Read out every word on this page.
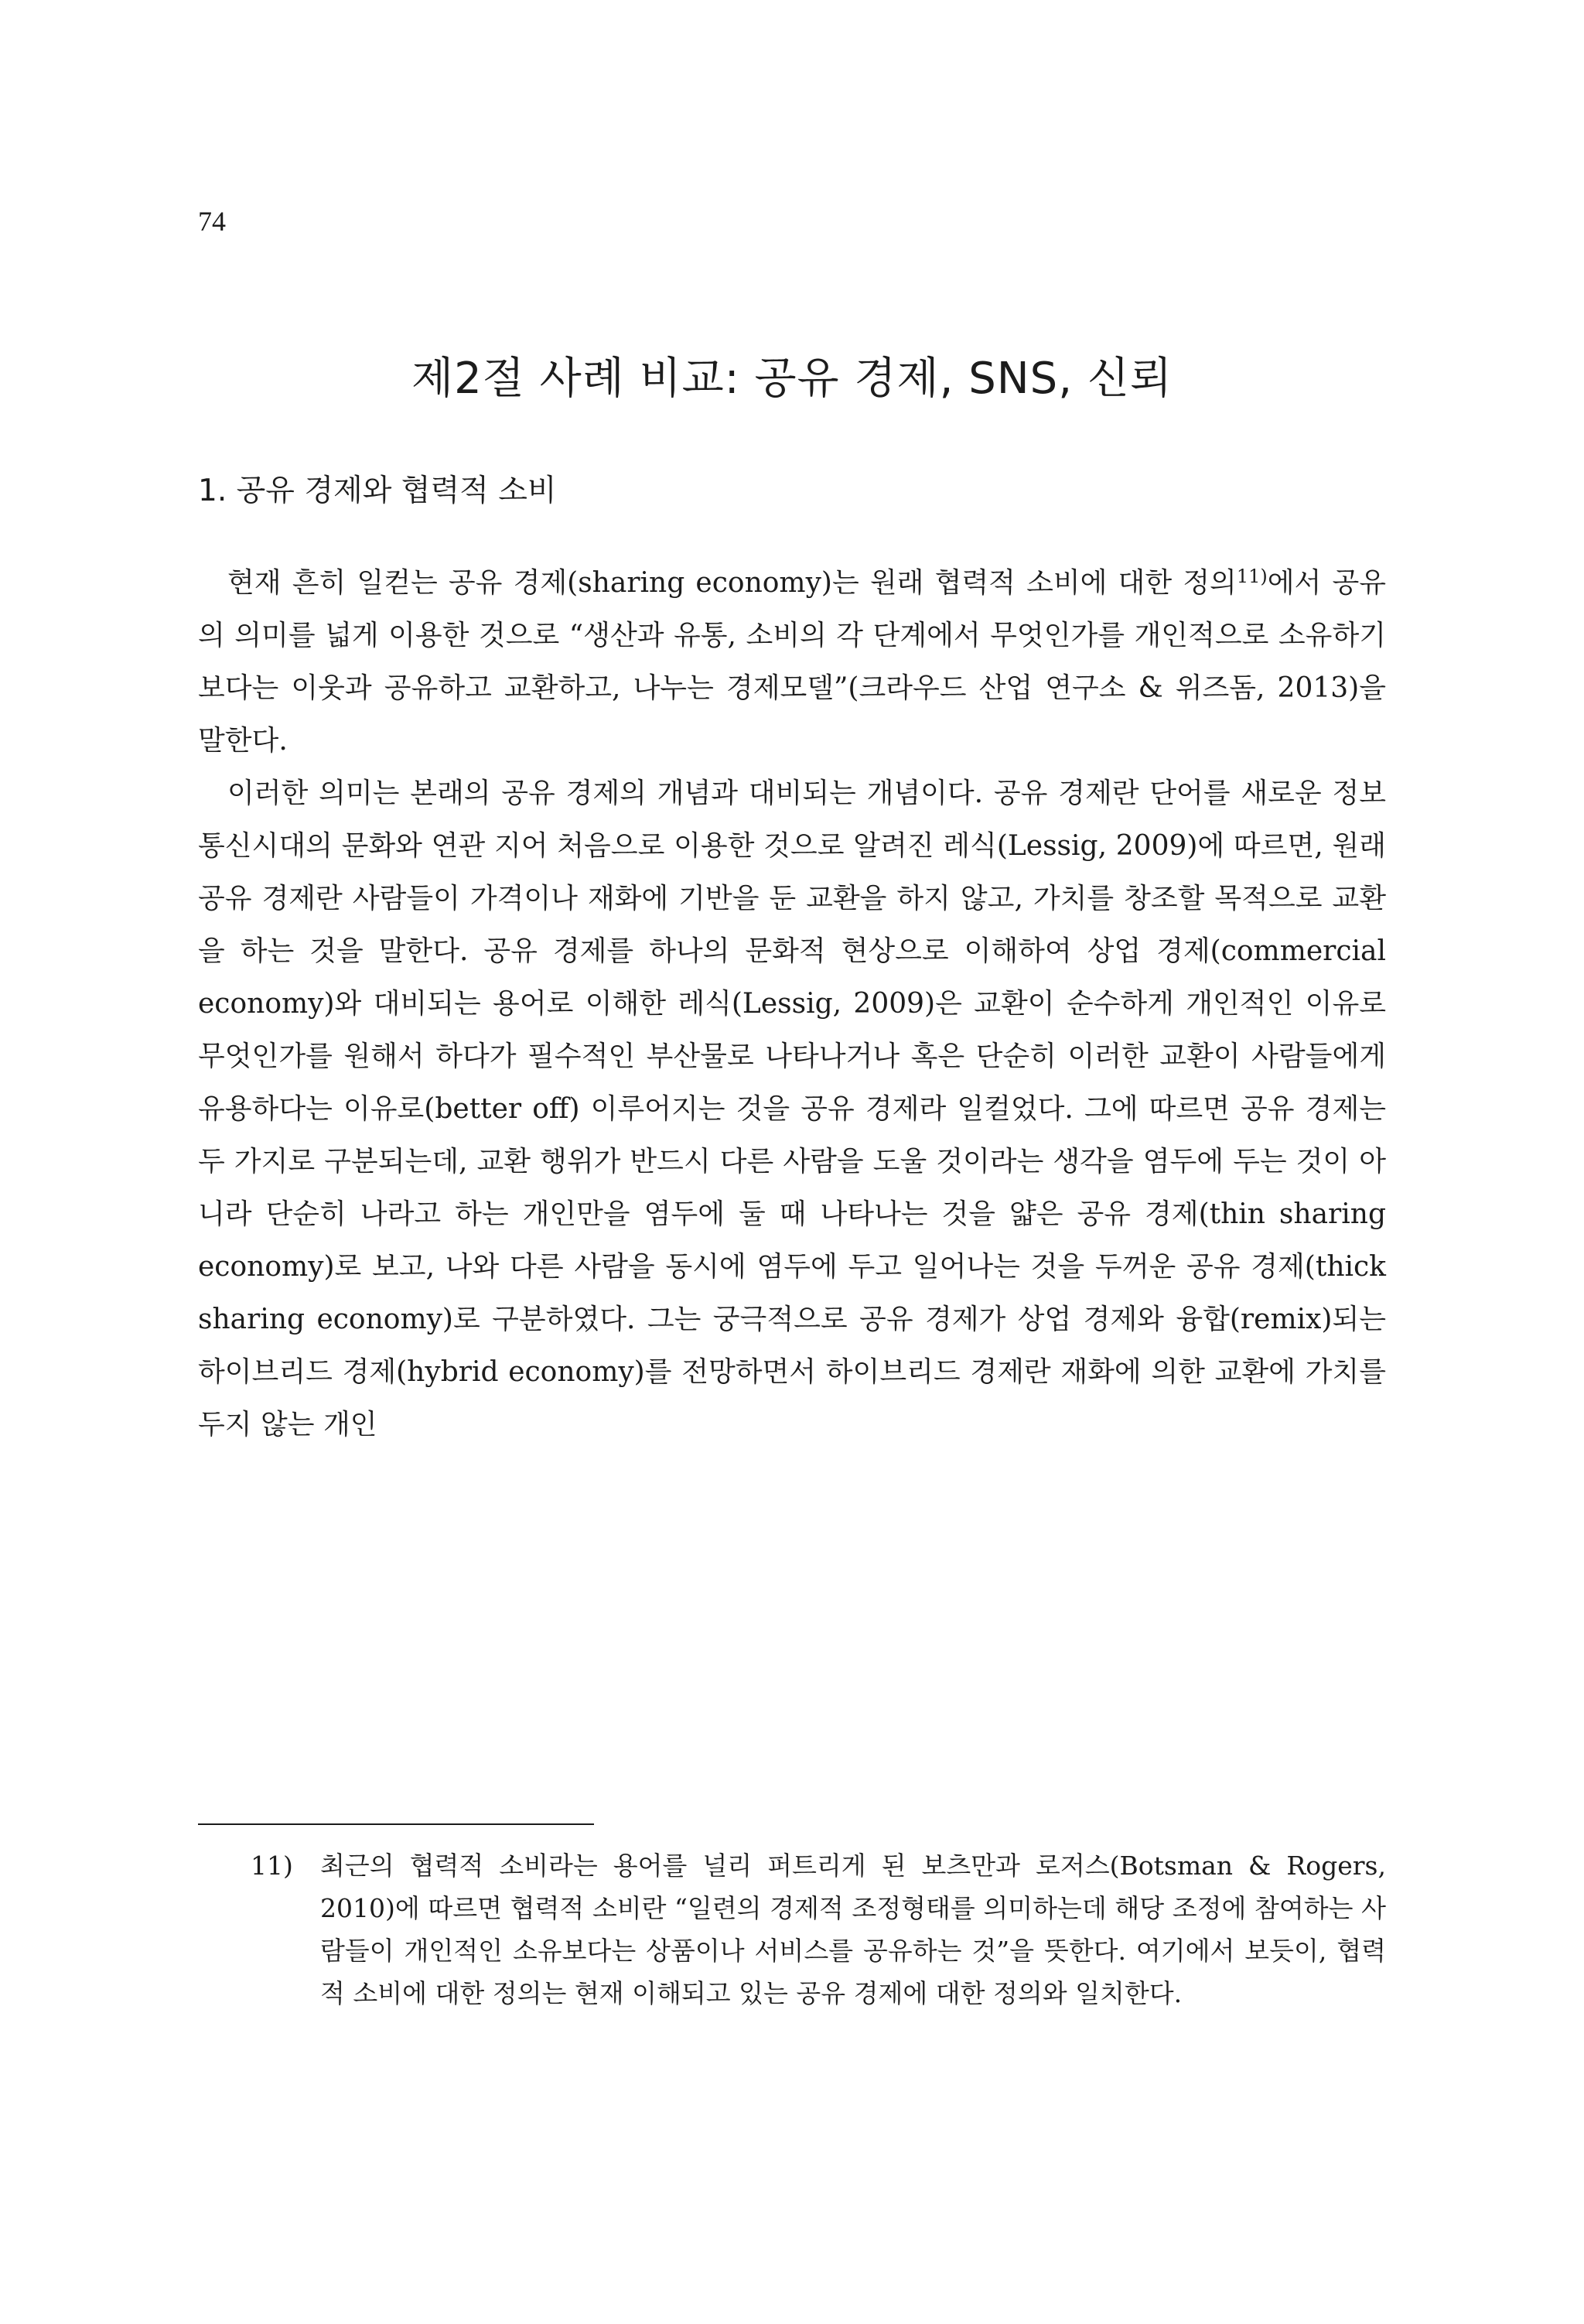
74
제2절 사례 비교: 공유 경제, SNS, 신뢰
1. 공유 경제와 협력적 소비

현재 흔히 일컫는 공유 경제(sharing economy)는 원래 협력적 소비에 대한 정의$^{11)}$에서 공유의 의미를 넓게 이용한 것으로 “생산과 유통, 소비의 각 단계에서 무엇인가를 개인적으로 소유하기보다는 이웃과 공유하고 교환하고, 나누는 경제모델”(크라우드 산업 연구소 & 위즈돔, 2013)을 말한다.

이러한 의미는 본래의 공유 경제의 개념과 대비되는 개념이다. 공유 경제란 단어를 새로운 정보통신시대의 문화와 연관 지어 처음으로 이용한 것으로 알려진 레식(Lessig, 2009)에 따르면, 원래 공유 경제란 사람들이 가격이나 재화에 기반을 둔 교환을 하지 않고, 가치를 창조할 목적으로 교환을 하는 것을 말한다. 공유 경제를 하나의 문화적 현상으로 이해하여 상업 경제(commercial economy)와 대비되는 용어로 이해한 레식(Lessig, 2009)은 교환이 순수하게 개인적인 이유로 무엇인가를 원해서 하다가 필수적인 부산물로 나타나거나 혹은 단순히 이러한 교환이 사람들에게 유용하다는 이유로(better off) 이루어지는 것을 공유 경제라 일컬었다. 그에 따르면 공유 경제는 두 가지로 구분되는데, 교환 행위가 반드시 다른 사람을 도울 것이라는 생각을 염두에 두는 것이 아니라 단순히 나라고 하는 개인만을 염두에 둘 때 나타나는 것을 얇은 공유 경제(thin sharing economy)로 보고, 나와 다른 사람을 동시에 염두에 두고 일어나는 것을 두꺼운 공유 경제(thick sharing economy)로 구분하였다. 그는 궁극적으로 공유 경제가 상업 경제와 융합(remix)되는 하이브리드 경제(hybrid economy)를 전망하면서 하이브리드 경제란 재화에 의한 교환에 가치를 두지 않는 개인

11)	최근의 협력적 소비라는 용어를 널리 퍼트리게 된 보츠만과 로저스(Botsman & Rogers, 2010)에 따르면 협력적 소비란 “일련의 경제적 조정형태를 의미하는데 해당 조정에 참여하는 사람들이 개인적인 소유보다는 상품이나 서비스를 공유하는 것”을 뜻한다. 여기에서 보듯이, 협력적 소비에 대한 정의는 현재 이해되고 있는 공유 경제에 대한 정의와 일치한다.
